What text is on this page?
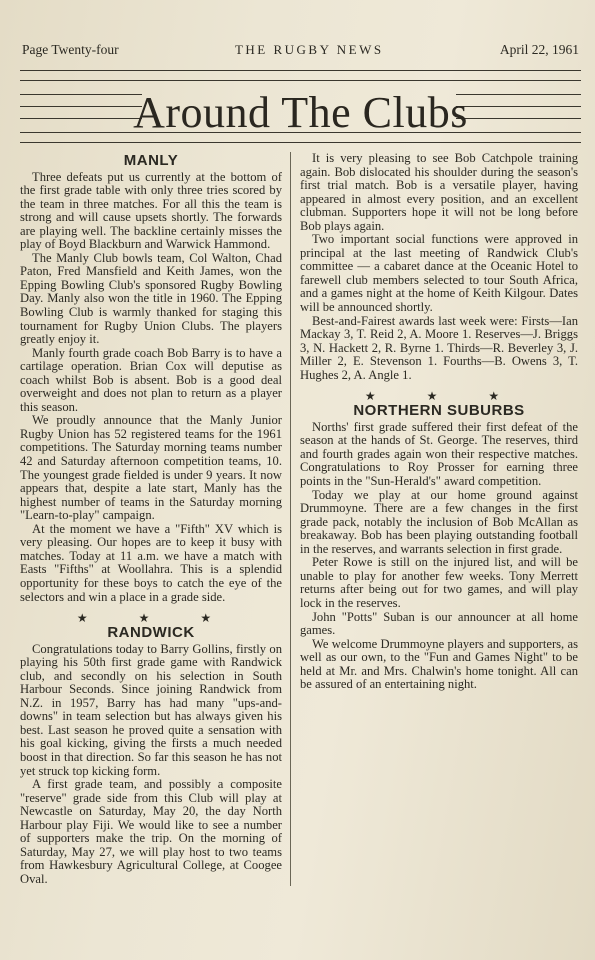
Page Twenty-four	THE RUGBY NEWS	April 22, 1961
Around The Clubs
MANLY

Three defeats put us currently at the bottom of the first grade table with only three tries scored by the team in three matches. For all this the team is strong and will cause upsets shortly. The forwards are playing well. The backline certainly misses the play of Boyd Blackburn and Warwick Hammond.

The Manly Club bowls team, Col Walton, Chad Paton, Fred Mansfield and Keith James, won the Epping Bowling Club's sponsored Rugby Bowling Day. Manly also won the title in 1960. The Epping Bowling Club is warmly thanked for staging this tournament for Rugby Union Clubs. The players greatly enjoy it.

Manly fourth grade coach Bob Barry is to have a cartilage operation. Brian Cox will deputise as coach whilst Bob is absent. Bob is a good deal overweight and does not plan to return as a player this season.

We proudly announce that the Manly Junior Rugby Union has 52 registered teams for the 1961 competitions. The Saturday morning teams number 42 and Saturday afternoon competition teams, 10. The youngest grade fielded is under 9 years. It now appears that, despite a late start, Manly has the highest number of teams in the Saturday morning "Learn-to-play" campaign.

At the moment we have a "Fifth" XV which is very pleasing. Our hopes are to keep it busy with matches. Today at 11 a.m. we have a match with Easts "Fifths" at Woollahra. This is a splendid opportunity for these boys to catch the eye of the selectors and win a place in a grade side.

★ ★ ★
RANDWICK

Congratulations today to Barry Gollins, firstly on playing his 50th first grade game with Randwick club, and secondly on his selection in South Harbour Seconds. Since joining Randwick from N.Z. in 1957, Barry has had many "ups-and-downs" in team selection but has always given his best. Last season he proved quite a sensation with his goal kicking, giving the firsts a much needed boost in that direction. So far this season he has not yet struck top kicking form.

A first grade team, and possibly a composite "reserve" grade side from this Club will play at Newcastle on Saturday, May 20, the day North Harbour play Fiji. We would like to see a number of supporters make the trip. On the morning of Saturday, May 27, we will play host to two teams from Hawkesbury Agricultural College, at Coogee Oval.

It is very pleasing to see Bob Catchpole training again. Bob dislocated his shoulder during the season's first trial match. Bob is a versatile player, having appeared in almost every position, and an excellent clubman. Supporters hope it will not be long before Bob plays again.

Two important social functions were approved in principal at the last meeting of Randwick Club's committee — a cabaret dance at the Oceanic Hotel to farewell club members selected to tour South Africa, and a games night at the home of Keith Kilgour. Dates will be announced shortly.

Best-and-Fairest awards last week were: Firsts—Ian Mackay 3, T. Reid 2, A. Moore 1. Reserves—J. Briggs 3, N. Hackett 2, R. Byrne 1. Thirds—R. Beverley 3, J. Miller 2, E. Stevenson 1. Fourths—B. Owens 3, T. Hughes 2, A. Angle 1.

★ ★ ★
NORTHERN SUBURBS

Norths' first grade suffered their first defeat of the season at the hands of St. George. The reserves, third and fourth grades again won their respective matches. Congratulations to Roy Prosser for earning three points in the "Sun-Herald's" award competition.

Today we play at our home ground against Drummoyne. There are a few changes in the first grade pack, notably the inclusion of Bob McAllan as breakaway. Bob has been playing outstanding football in the reserves, and warrants selection in first grade.

Peter Rowe is still on the injured list, and will be unable to play for another few weeks. Tony Merrett returns after being out for two games, and will play lock in the reserves.

John "Potts" Suban is our announcer at all home games.

We welcome Drummoyne players and supporters, as well as our own, to the "Fun and Games Night" to be held at Mr. and Mrs. Chalwin's home tonight. All can be assured of an entertaining night.
